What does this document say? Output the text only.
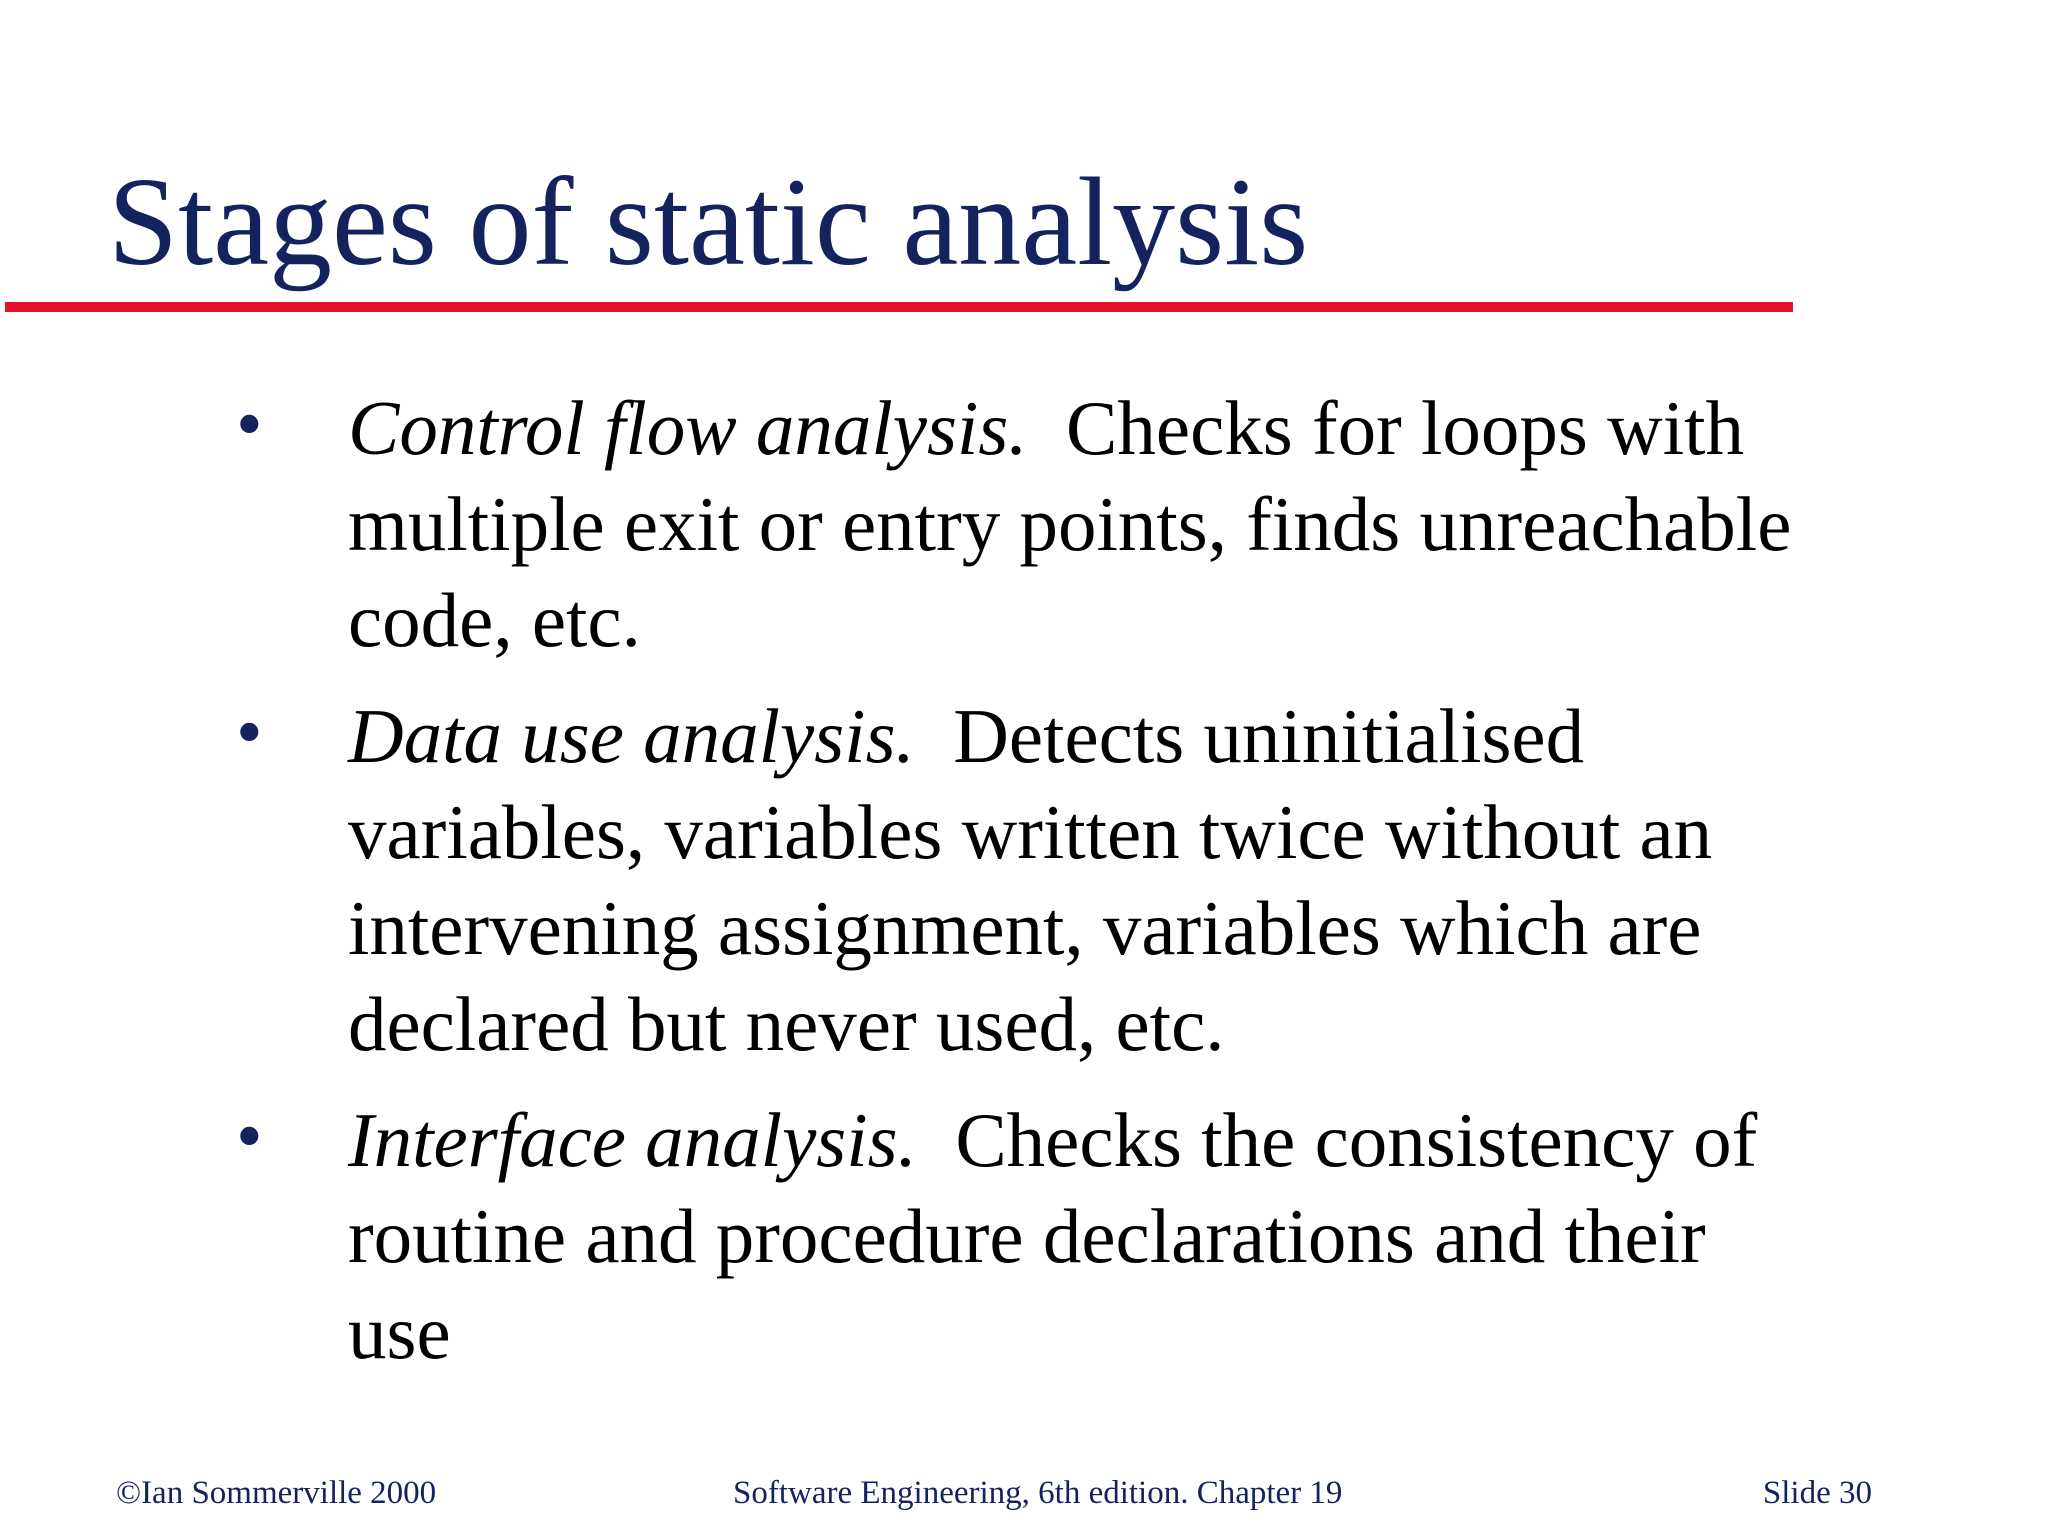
Stages of static analysis
• Control flow analysis. Checks for loops with multiple exit or entry points, finds unreachable code, etc.
• Data use analysis. Detects uninitialised variables, variables written twice without an intervening assignment, variables which are declared but never used, etc.
• Interface analysis. Checks the consistency of routine and procedure declarations and their use
©Ian Sommerville 2000	Software Engineering, 6th edition. Chapter 19	Slide 30
